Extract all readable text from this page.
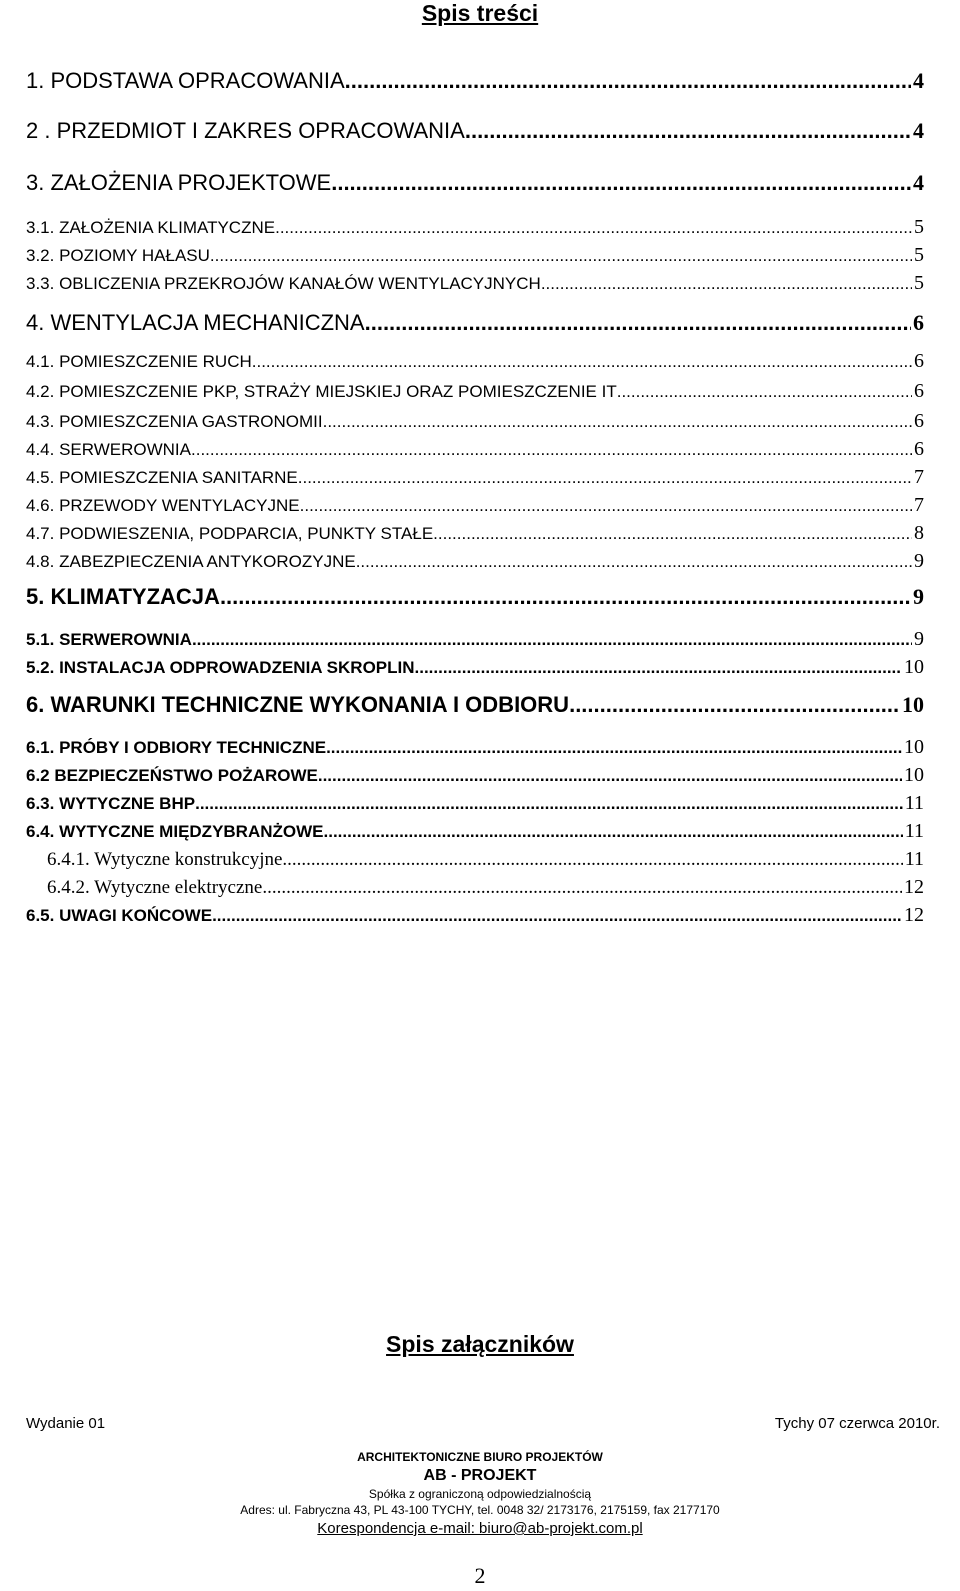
Spis treści
1. PODSTAWA OPRACOWANIA .....	4
2 . PRZEDMIOT I ZAKRES OPRACOWANIA .....	4
3. ZAŁOŻENIA PROJEKTOWE .....	4
3.1. ZAŁOŻENIA KLIMATYCZNE .....	5
3.2. POZIOMY HAŁASU .....	5
3.3. OBLICZENIA PRZEKROJÓW KANAŁÓW WENTYLACYJNYCH .....	5
4. WENTYLACJA MECHANICZNA .....	6
4.1. POMIESZCZENIE RUCH .....	6
4.2. POMIESZCZENIE PKP, STRAŻY MIEJSKIEJ ORAZ POMIESZCZENIE IT .....	6
4.3. POMIESZCZENIA GASTRONOMII .....	6
4.4. SERWEROWNIA .....	6
4.5. POMIESZCZENIA SANITARNE .....	7
4.6. PRZEWODY WENTYLACYJNE .....	7
4.7. PODWIESZENIA, PODPARCIA, PUNKTY STAŁE .....	8
4.8. ZABEZPIECZENIA ANTYKOROZYJNE .....	9
5. KLIMATYZACJA .....	9
5.1. SERWEROWNIA .....	9
5.2. INSTALACJA ODPROWADZENIA SKROPLIN .....	10
6. WARUNKI TECHNICZNE WYKONANIA I ODBIORU .....	10
6.1. PRÓBY I ODBIORY TECHNICZNE .....	10
6.2 BEZPIECZEŃSTWO POŻAROWE .....	10
6.3. WYTYCZNE BHP .....	11
6.4. WYTYCZNE MIĘDZYBRANŻOWE .....	11
6.4.1. Wytyczne konstrukcyjne .....	11
6.4.2. Wytyczne elektryczne .....	12
6.5. UWAGI KOŃCOWE .....	12
Spis załączników
Wydanie 01	Tychy 07 czerwca 2010r.
ARCHITEKTONICZNE BIURO PROJEKTÓW
AB - PROJEKT
Spółka z ograniczoną odpowiedzialnością
Adres: ul. Fabryczna 43, PL 43-100 TYCHY, tel. 0048 32/ 2173176, 2175159, fax 2177170
Korespondencja e-mail: biuro@ab-projekt.com.pl
2
